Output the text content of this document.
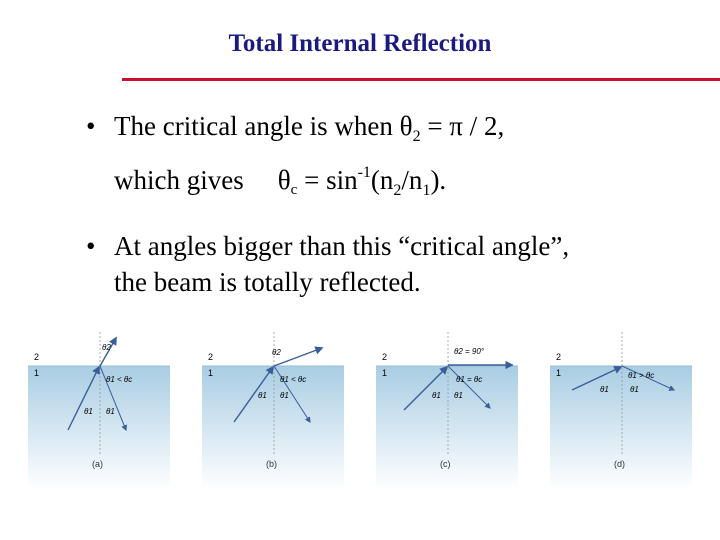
Total Internal Reflection
• The critical angle is when $\theta_2 = \pi / 2$,
which gives $\theta_c = \sin^{-1}(n_2/n_1)$.
• At angles bigger than this “critical angle”,
the beam is totally reflected.
2
1
θ2
θ1 < θc
θ1 θ1
2
1
θ2
θ1 < θc
θ1 θ1
2
1
θ2 = 90°
θ1 = θc
θ1 θ1
2
1	θ1 > θc
θ1	θ1
(a)	(b)	(c)	(d)
